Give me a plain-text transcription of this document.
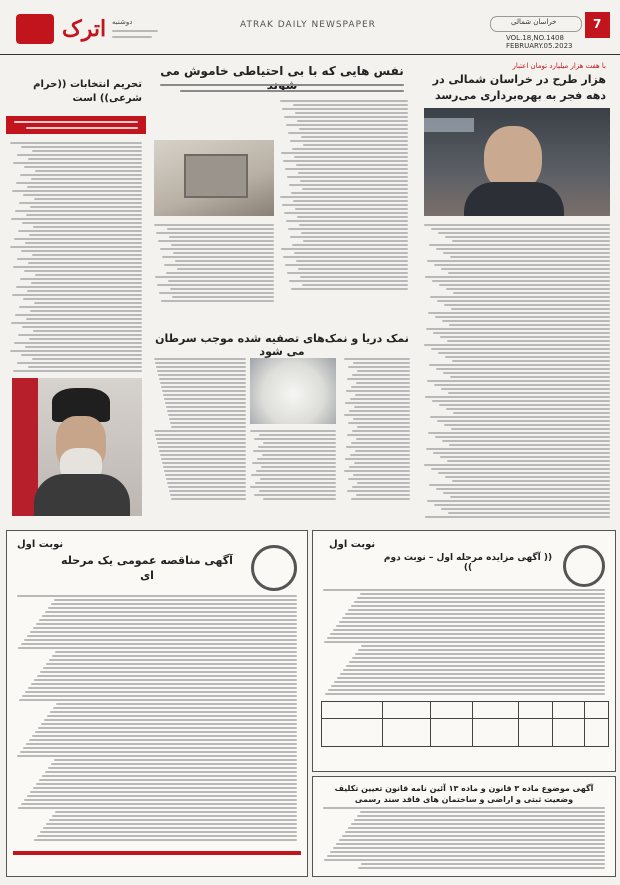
اترک دوشنبه	ATRAK DAILY NEWSPAPER	خراسان شمالی	7
VOL.18,NO.1408
FEBRUARY.05.2023
با هفت هزار میلیارد تومان اعتبار
هزار طرح در خراسان شمالی در دهه فجر به بهره‌برداری می‌رسد
نفس هایی که با بی احتیاطی خاموش می
تحریم انتخابات ((حرام شرعی)) است
نمک دریا و نمک‌های تصفیه شده موجب سرطان می شود
نوبت اول
آگهی مناقصه عمومی یک مرحله ای
نوبت اول
(( آگهی مزایده مرحله اول – نوبت دوم ))
آگهی موضوع ماده ۳ قانون و ماده ۱۳ آئین نامه قانون تعیین تکلیف وضعیت ثبتی و اراضی و ساختمان های فاقد سند رسمی
